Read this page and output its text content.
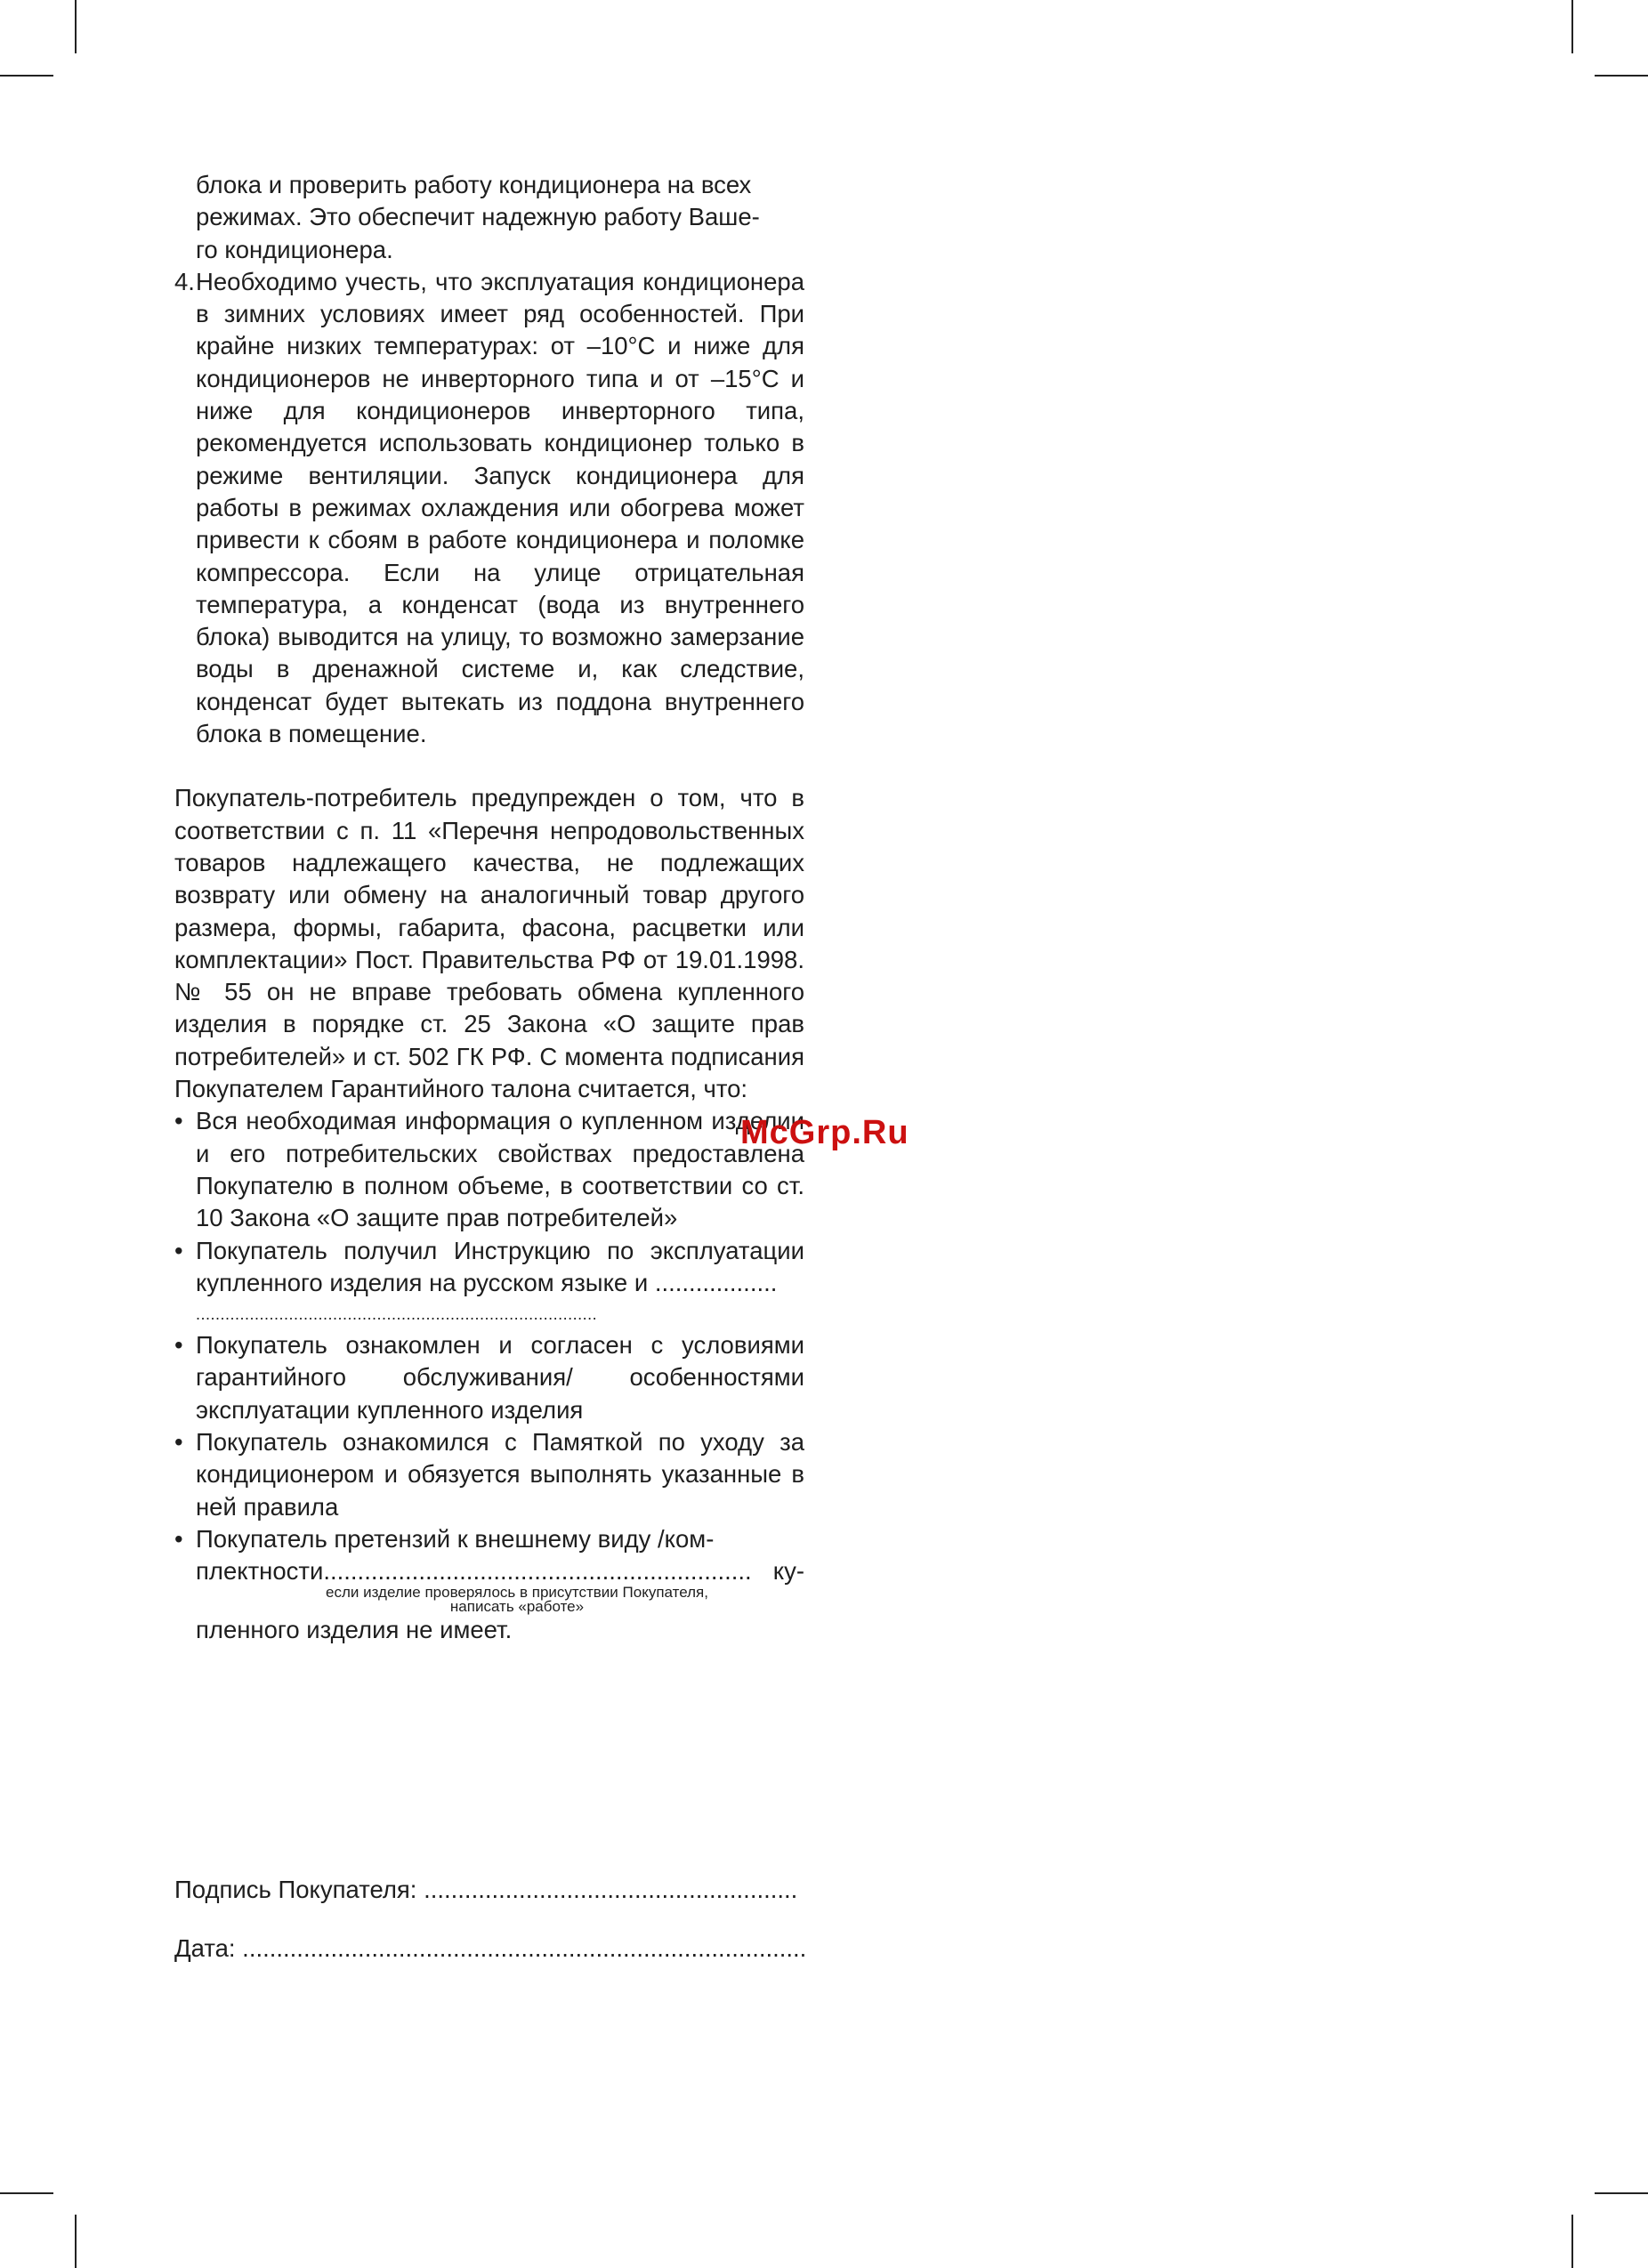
блока и проверить работу кондиционера на всех

режимах. Это обеспечит надежную работу Ваше-

го кондиционера.

4. Необходимо учесть, что эксплуатация кондиционера в зимних условиях имеет ряд особенностей. При крайне низких температурах: от –10°С и ниже для кондиционеров не инверторного типа и от –15°С и ниже для кондиционеров инверторного типа, рекомендуется использовать кондиционер только в режиме вентиляции. Запуск кондиционера для работы в режимах охлаждения или обогрева может привести к сбоям в работе кондиционера и поломке компрессора. Если на улице отрицательная температура, а конденсат (вода из внутреннего блока) выводится на улицу, то возможно замерзание воды в дренажной системе и, как следствие, конденсат будет вытекать из поддона внутреннего блока в помещение.

Покупатель-потребитель предупрежден о том, что в соответствии с п. 11 «Перечня непродовольственных товаров надлежащего качества, не подлежащих возврату или обмену на аналогичный товар другого размера, формы, габарита, фасона, расцветки или комплектации» Пост. Правительства РФ от 19.01.1998. № 55 он не вправе требовать обмена купленного изделия в порядке ст. 25 Закона «О защите прав потребителей» и ст. 502 ГК РФ. С момента подписания Покупателем Гарантийного талона считается, что:

• Вся необходимая информация о купленном изделии и его потребительских свойствах предоставлена Покупателю в полном объеме, в соответствии со ст. 10 Закона «О защите прав потребителей»

• Покупатель получил Инструкцию по эксплуатации купленного изделия на русском языке и ..................

..................................................................................
• Покупатель ознакомлен и согласен с условиями гарантийного обслуживания/ особенностями эксплуатации купленного изделия

• Покупатель ознакомился с Памяткой по уходу за кондиционером и обязуется выполнять указанные в ней правила

• Покупатель претензий к внешнему виду /ком-

плектности............................................................... ку-
если изделие проверялось в присутствии Покупателя, написать «работе»

пленного изделия не имеет.

Подпись Покупателя: .......................................................
Дата: ...................................................................................
McGrp.Ru
